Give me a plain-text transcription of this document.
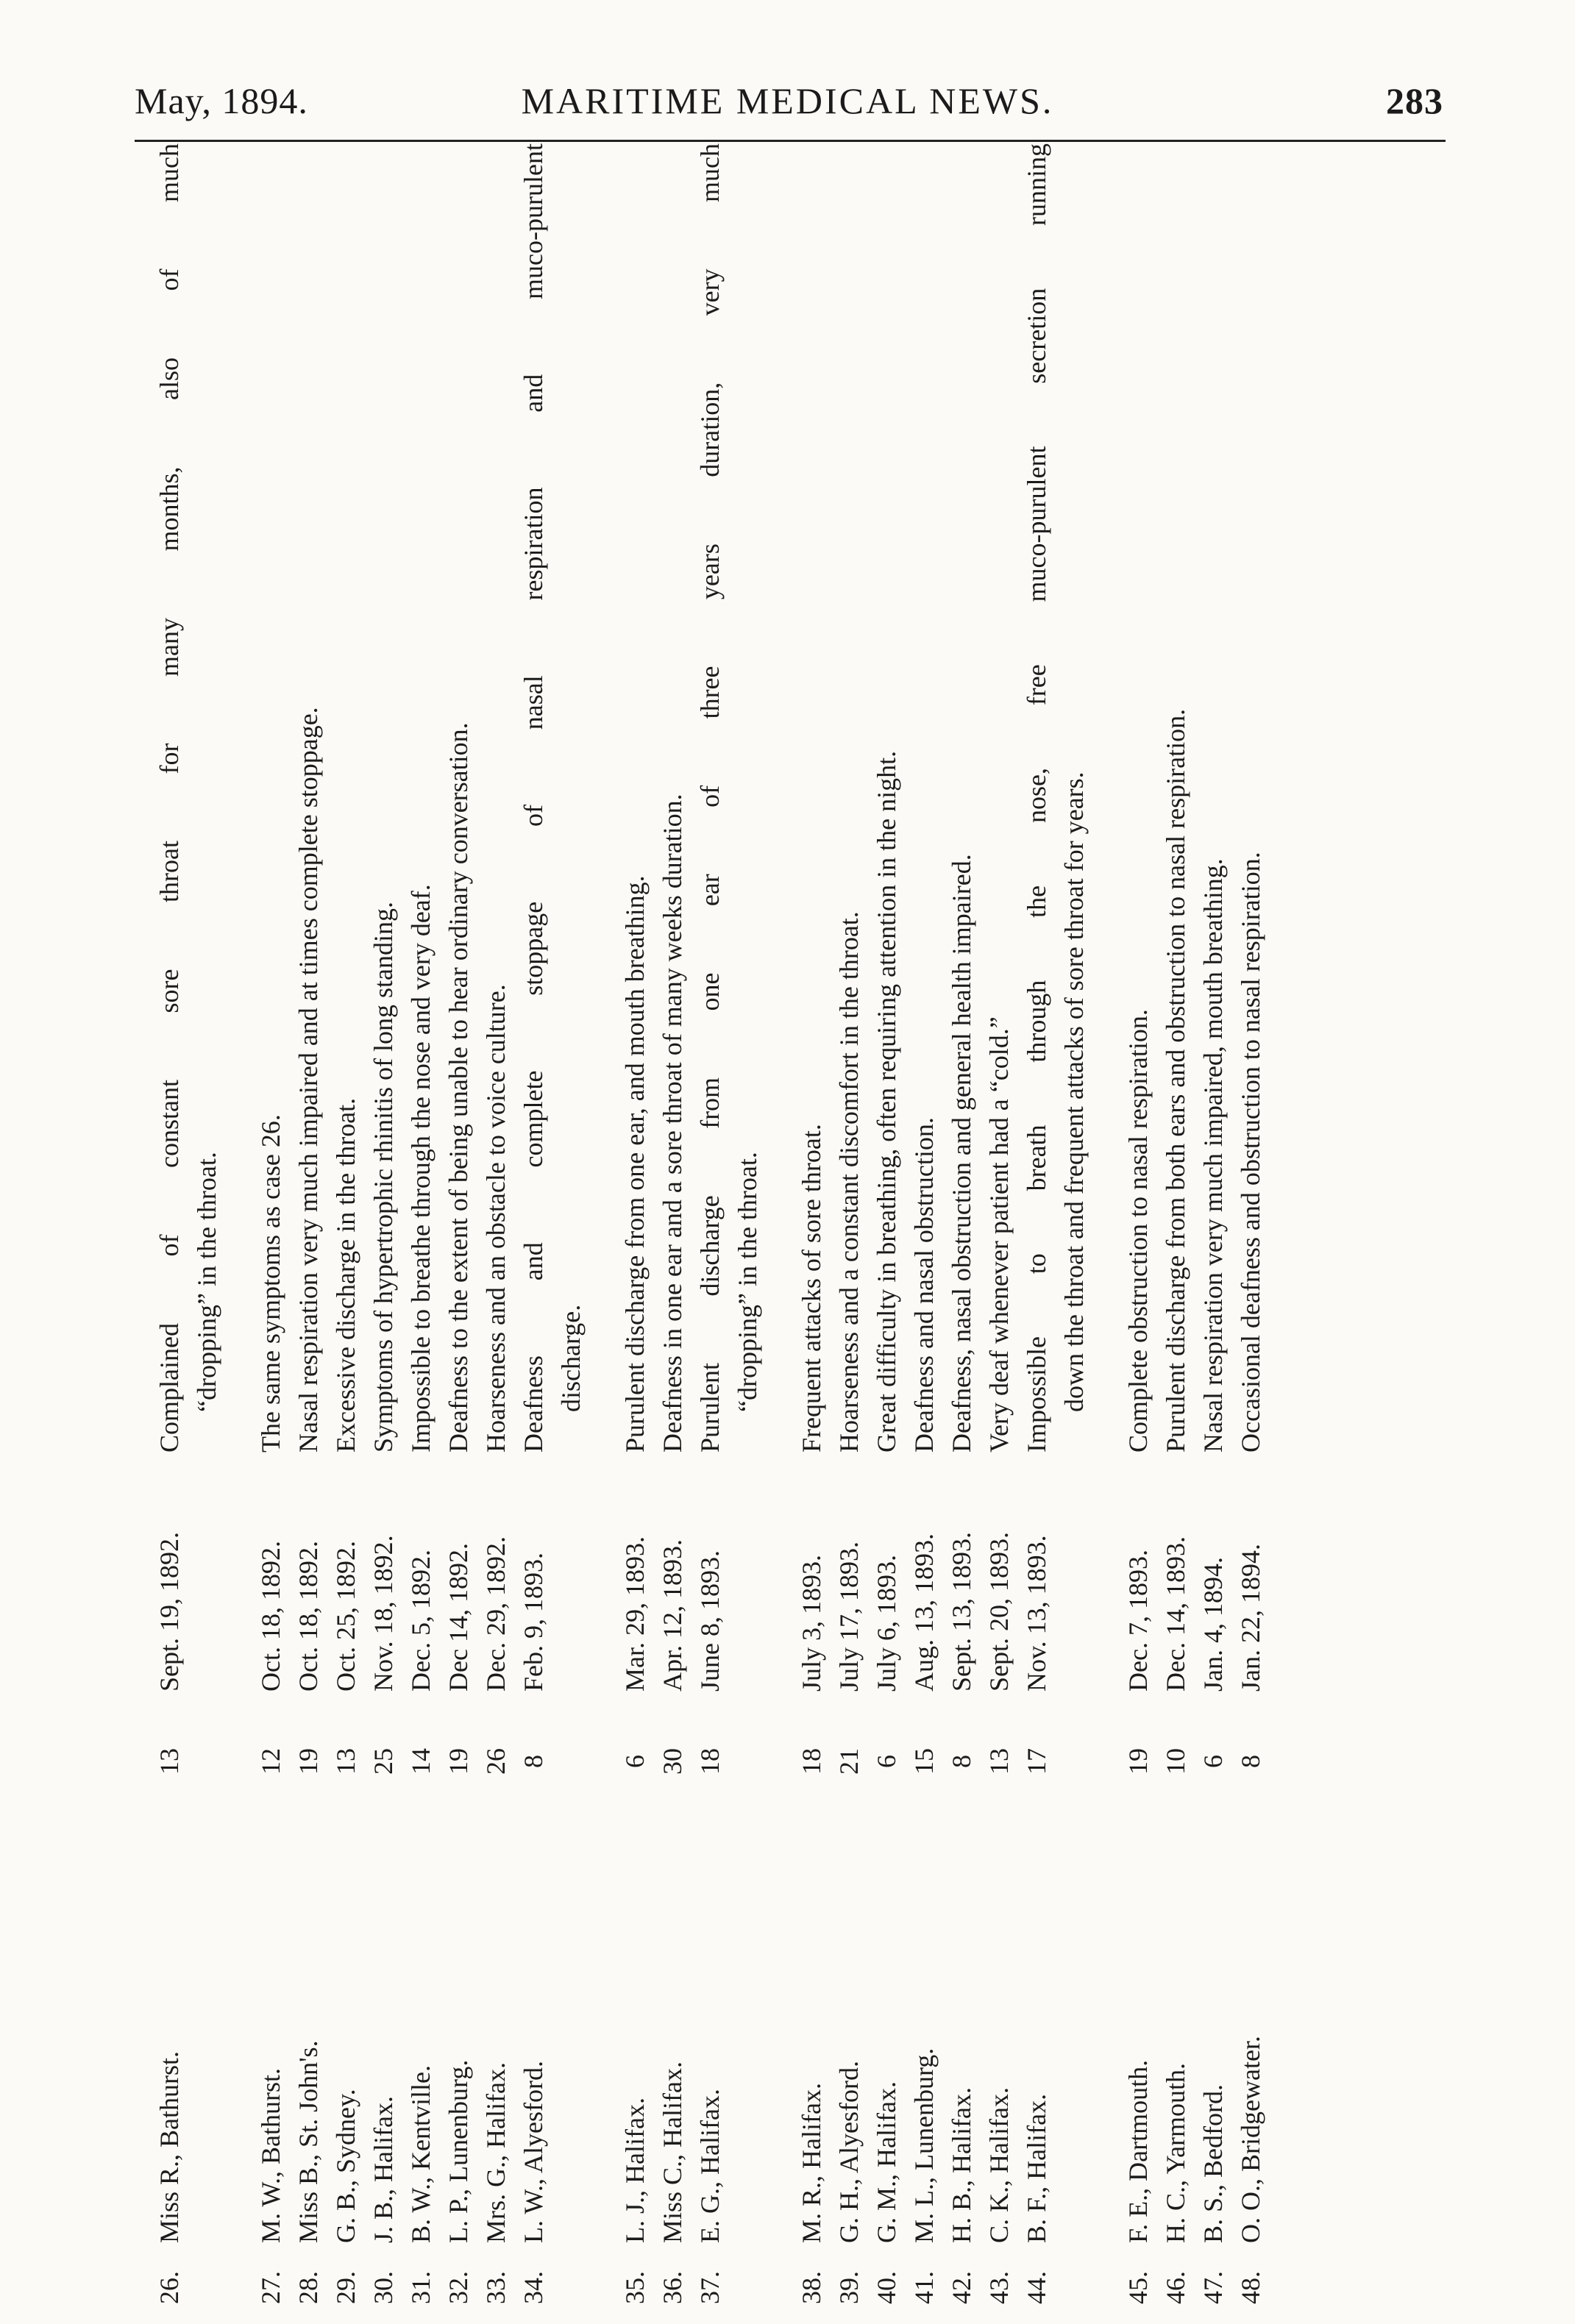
May, 1894.	MARITIME MEDICAL NEWS.	283
26.
Miss R., Bathurst.
13
Sept. 19, 1892.
Complained of constant sore throat for many months, also of much “dropping” in the throat.
27.
M. W., Bathurst.
12
Oct. 18, 1892.
The same symptoms as case 26.
28.
Miss B., St. John's.
19
Oct. 18, 1892.
Nasal respiration very much impaired and at times complete stoppage.
29.
G. B., Sydney.
13
Oct. 25, 1892.
Excessive discharge in the throat.
30.
J. B., Halifax.
25
Nov. 18, 1892.
Symptoms of hypertrophic rhinitis of long standing.
31.
B. W., Kentville.
14
Dec. 5, 1892.
Impossible to breathe through the nose and very deaf.
32.
L. P., Lunenburg.
19
Dec 14, 1892.
Deafness to the extent of being unable to hear ordinary conversation.
33.
Mrs. G., Halifax.
26
Dec. 29, 1892.
Hoarseness and an obstacle to voice culture.
34.
L. W., Alyesford.
8
Feb. 9, 1893.
Deafness and complete stoppage of nasal respiration and muco-purulent discharge.
35.
L. J., Halifax.
6
Mar. 29, 1893.
Purulent discharge from one ear, and mouth breathing.
36.
Miss C., Halifax.
30
Apr. 12, 1893.
Deafness in one ear and a sore throat of many weeks duration.
37.
E. G., Halifax.
18
June 8, 1893.
Purulent discharge from one ear of three years duration, very much “dropping” in the throat.
38.
M. R., Halifax.
18
July 3, 1893.
Frequent attacks of sore throat.
39.
G. H., Alyesford.
21
July 17, 1893.
Hoarseness and a constant discomfort in the throat.
40.
G. M., Halifax.
6
July 6, 1893.
Great difficulty in breathing, often requiring attention in the night.
41.
M. L., Lunenburg.
15
Aug. 13, 1893.
Deafness and nasal obstruction.
42.
H. B., Halifax.
8
Sept. 13, 1893.
Deafness, nasal obstruction and general health impaired.
43.
C. K., Halifax.
13
Sept. 20, 1893.
Very deaf whenever patient had a “cold.”
44.
B. F., Halifax.
17
Nov. 13, 1893.
Impossible to breath through the nose, free muco-purulent secretion running down the throat and frequent attacks of sore throat for years.
45.
F. E., Dartmouth.
19
Dec. 7, 1893.
Complete obstruction to nasal respiration.
46.
H. C., Yarmouth.
10
Dec. 14, 1893.
Purulent discharge from both ears and obstruction to nasal respiration.
47.
B. S., Bedford.
6
Jan. 4, 1894.
Nasal respiration very much impaired, mouth breathing.
48.
O. O., Bridgewater.
8
Jan. 22, 1894.
Occasional deafness and obstruction to nasal respiration.
